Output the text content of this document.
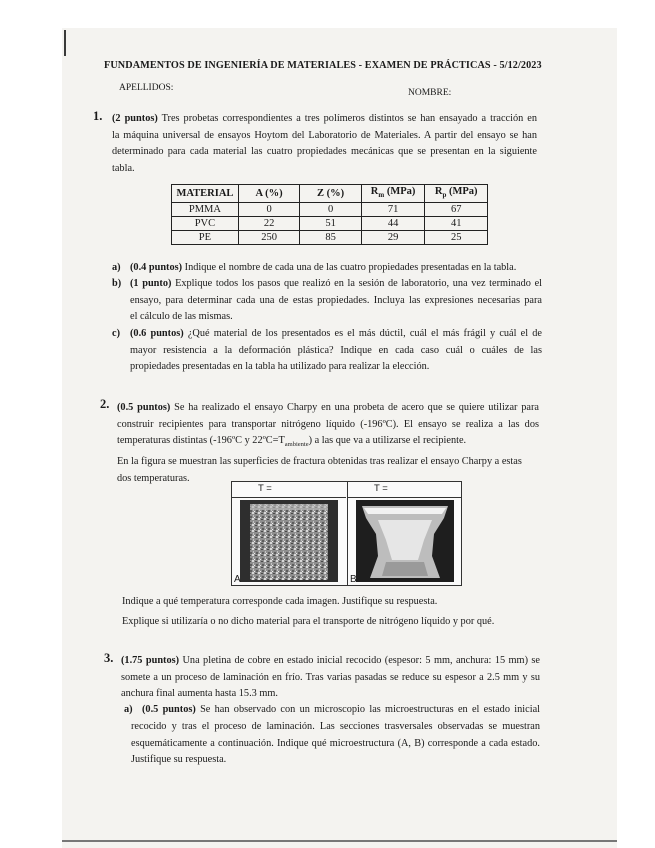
FUNDAMENTOS DE INGENIERÍA DE MATERIALES - EXAMEN DE PRÁCTICAS - 5/12/2023
APELLIDOS:	NOMBRE:
1. (2 puntos) Tres probetas correspondientes a tres polímeros distintos se han ensayado a tracción en
la máquina universal de ensayos Hoytom del Laboratorio de Materiales. A partir del ensayo se han
determinado para cada material las cuatro propiedades mecánicas que se presentan en la siguiente
tabla.
MATERIAL	A (%)	Z (%)	$R_m$ (MPa)	$R_p$ (MPa)
PMMA	0	0	71	67
PVC	22	51	44	41
PE	250	85	29	25
a) (0.4 puntos) Indique el nombre de cada una de las cuatro propiedades presentadas en la tabla.
b) (1 punto) Explique todos los pasos que realizó en la sesión de laboratorio, una vez terminado el
ensayo, para determinar cada una de estas propiedades. Incluya las expresiones necesarias para
el cálculo de las mismas.
c) (0.6 puntos) ¿Qué material de los presentados es el más dúctil, cuál el más frágil y cuál el de
mayor resistencia a la deformación plástica? Indique en cada caso cuál o cuáles de las
propiedades presentadas en la tabla ha utilizado para realizar la elección.
2. (0.5 puntos) Se ha realizado el ensayo Charpy en una probeta de acero que se quiere utilizar para
construir recipientes para transportar nitrógeno líquido (-196ºC). El ensayo se realiza a las dos
temperaturas distintas (-196ºC y $22ºC=T_{ambiente}$) a las que va a utilizarse el recipiente.
En la figura se muestran las superficies de fractura obtenidas tras realizar el ensayo Charpy a estas
dos temperaturas.
T =
A
T =
B
Indique a qué temperatura corresponde cada imagen. Justifique su respuesta.
Explique si utilizaría o no dicho material para el transporte de nitrógeno líquido y por qué.
3. (1.75 puntos) Una pletina de cobre en estado inicial recocido (espesor: 5 mm, anchura: 15 mm) se
somete a un proceso de laminación en frío. Tras varias pasadas se reduce su espesor a 2.5 mm y su
anchura final aumenta hasta 15.3 mm.
a) (0.5 puntos) Se han observado con un microscopio las microestructuras en el estado inicial
recocido y tras el proceso de laminación. Las secciones trasversales observadas se muestran
esquemáticamente a continuación. Indique qué microestructura (A, B) corresponde a cada estado.
Justifique su respuesta.
